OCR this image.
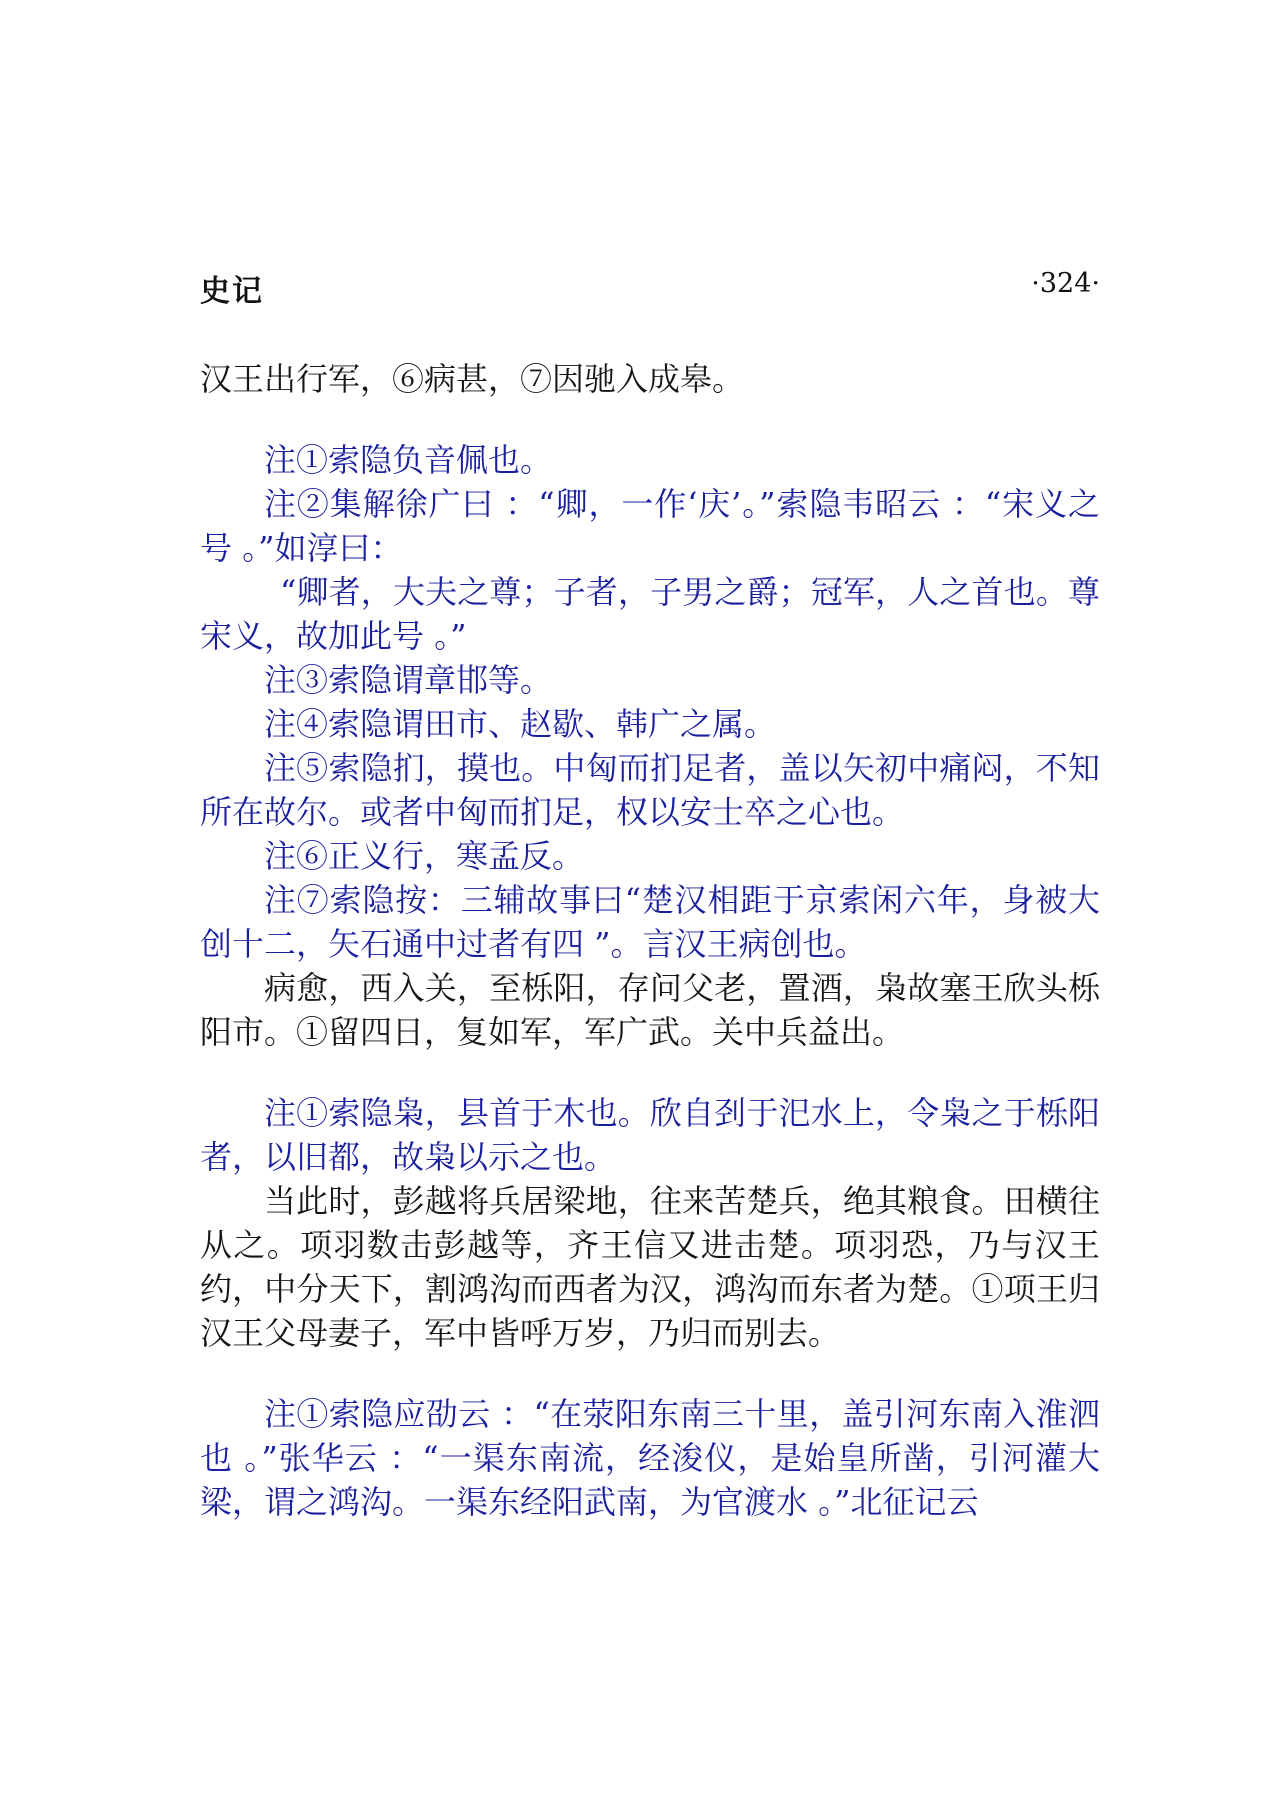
史记	·324·

汉王出行军，⑥病甚，⑦因驰入成皋。

注①索隐负音佩也。

注②集解徐广曰 ：“卿，一作‘庆’。”索隐韦昭云 ：“宋义之号 。”如淳曰：

“卿者，大夫之尊；子者，子男之爵；冠军，人之首也。尊宋义，故加此号 。”

注③索隐谓章邯等。

注④索隐谓田市、赵歇、韩广之属。

注⑤索隐扪，摸也。中匈而扪足者，盖以矢初中痛闷，不知所在故尔。或者中匈而扪足，权以安士卒之心也。

注⑥正义行，寒孟反。

注⑦索隐按：三辅故事曰“楚汉相距于京索闲六年，身被大创十二，矢石通中过者有四 ”。言汉王病创也。

病愈，西入关，至栎阳，存问父老，置酒，枭故塞王欣头栎阳市。①留四日，复如军，军广武。关中兵益出。

注①索隐枭，县首于木也。欣自刭于汜水上，令枭之于栎阳者，以旧都，故枭以示之也。

当此时，彭越将兵居梁地，往来苦楚兵，绝其粮食。田横往从之。项羽数击彭越等，齐王信又进击楚。项羽恐，乃与汉王约，中分天下，割鸿沟而西者为汉，鸿沟而东者为楚。①项王归汉王父母妻子，军中皆呼万岁，乃归而别去。

注①索隐应劭云 ：“在荥阳东南三十里，盖引河东南入淮泗也 。”张华云 ：“一渠东南流，经浚仪，是始皇所凿，引河灌大梁，谓之鸿沟。一渠东经阳武南，为官渡水 。”北征记云
